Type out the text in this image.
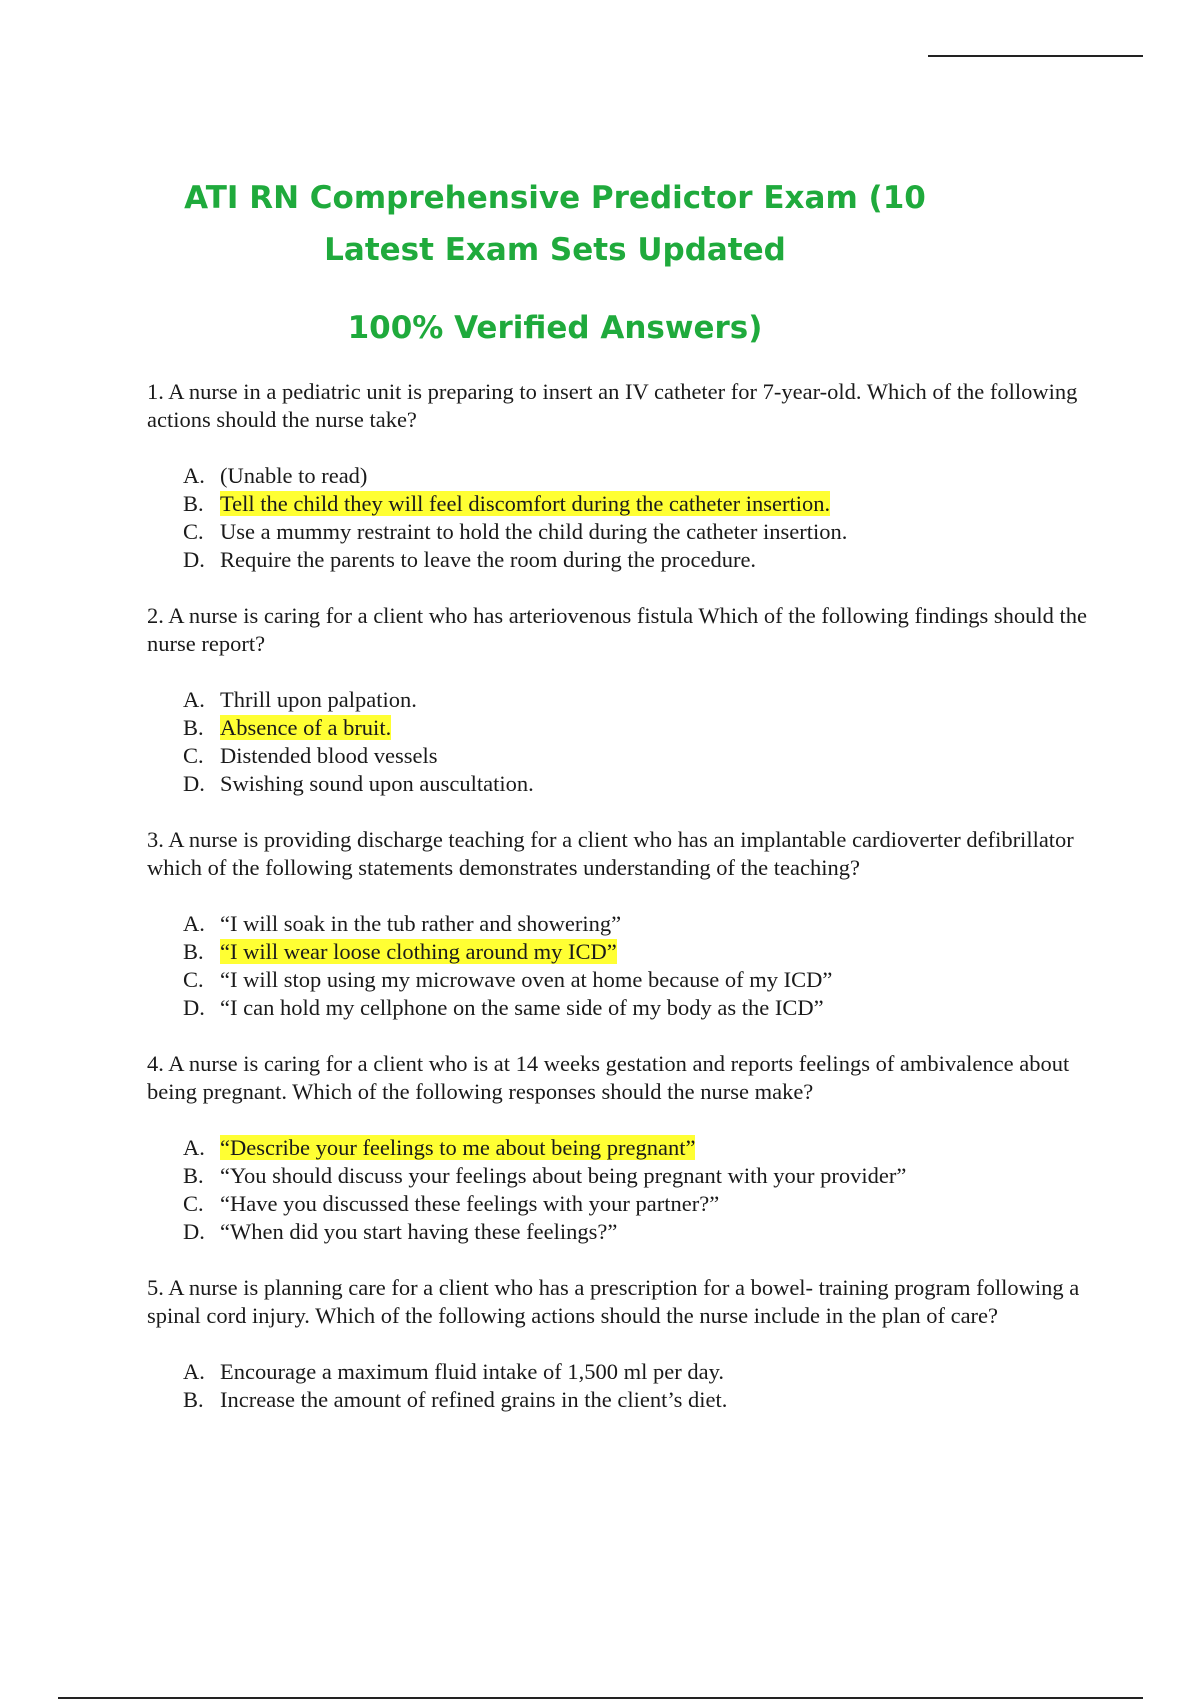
ATI RN Comprehensive Predictor Exam (10
Latest Exam Sets Updated
100% Verified Answers)

1. A nurse in a pediatric unit is preparing to insert an IV catheter for 7-year-old. Which of the following actions should the nurse take?

A. (Unable to read)
B. Tell the child they will feel discomfort during the catheter insertion.
C. Use a mummy restraint to hold the child during the catheter insertion.
D. Require the parents to leave the room during the procedure.

2. A nurse is caring for a client who has arteriovenous fistula Which of the following findings should the nurse report?

A. Thrill upon palpation.
B. Absence of a bruit.
C. Distended blood vessels
D. Swishing sound upon auscultation.

3. A nurse is providing discharge teaching for a client who has an implantable cardioverter defibrillator which of the following statements demonstrates understanding of the teaching?

A. “I will soak in the tub rather and showering”
B. “I will wear loose clothing around my ICD”
C. “I will stop using my microwave oven at home because of my ICD”
D. “I can hold my cellphone on the same side of my body as the ICD”

4. A nurse is caring for a client who is at 14 weeks gestation and reports feelings of ambivalence about being pregnant. Which of the following responses should the nurse make?

A. “Describe your feelings to me about being pregnant”
B. “You should discuss your feelings about being pregnant with your provider”
C. “Have you discussed these feelings with your partner?”
D. “When did you start having these feelings?”

5. A nurse is planning care for a client who has a prescription for a bowel- training program following a spinal cord injury. Which of the following actions should the nurse include in the plan of care?

A. Encourage a maximum fluid intake of 1,500 ml per day.
B. Increase the amount of refined grains in the client’s diet.
